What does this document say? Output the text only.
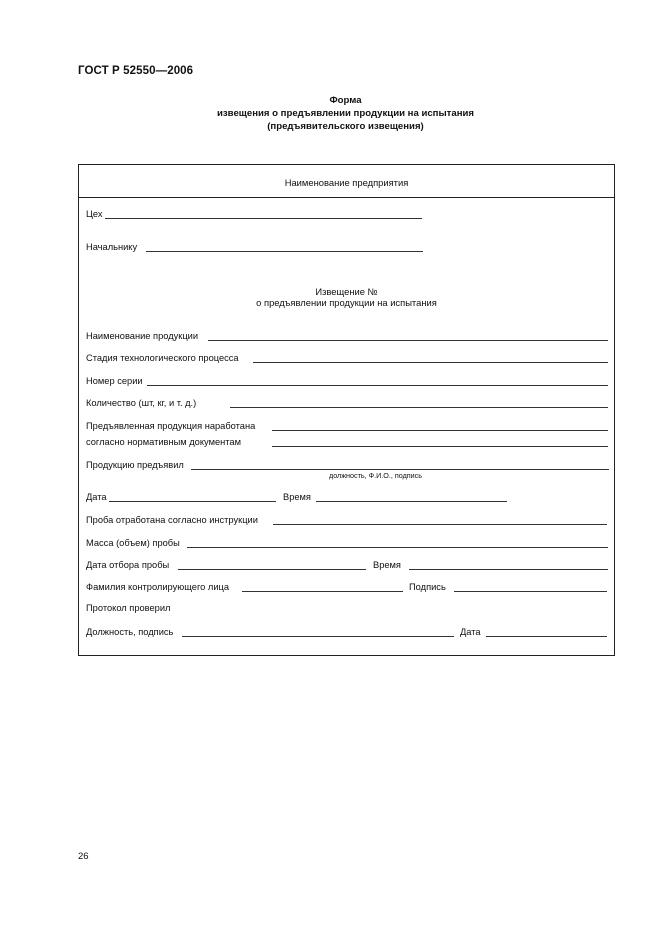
ГОСТ Р 52550—2006
Форма
извещения о предъявлении продукции на испытания
(предъявительского извещения)
Наименование предприятия
Цех
Начальнику
Извещение №
о предъявлении продукции на испытания
Наименование продукции
Стадия технологического процесса
Номер серии
Количество (шт, кг, и т. д.)
Предъявленная продукция наработана
согласно нормативным документам
Продукцию предъявил
должность, Ф.И.О., подпись
Дата	Время
Проба отработана согласно инструкции
Масса (объем) пробы
Дата отбора пробы	Время
Фамилия контролирующего лица	Подпись
Протокол проверил
Должность, подпись	Дата
26
